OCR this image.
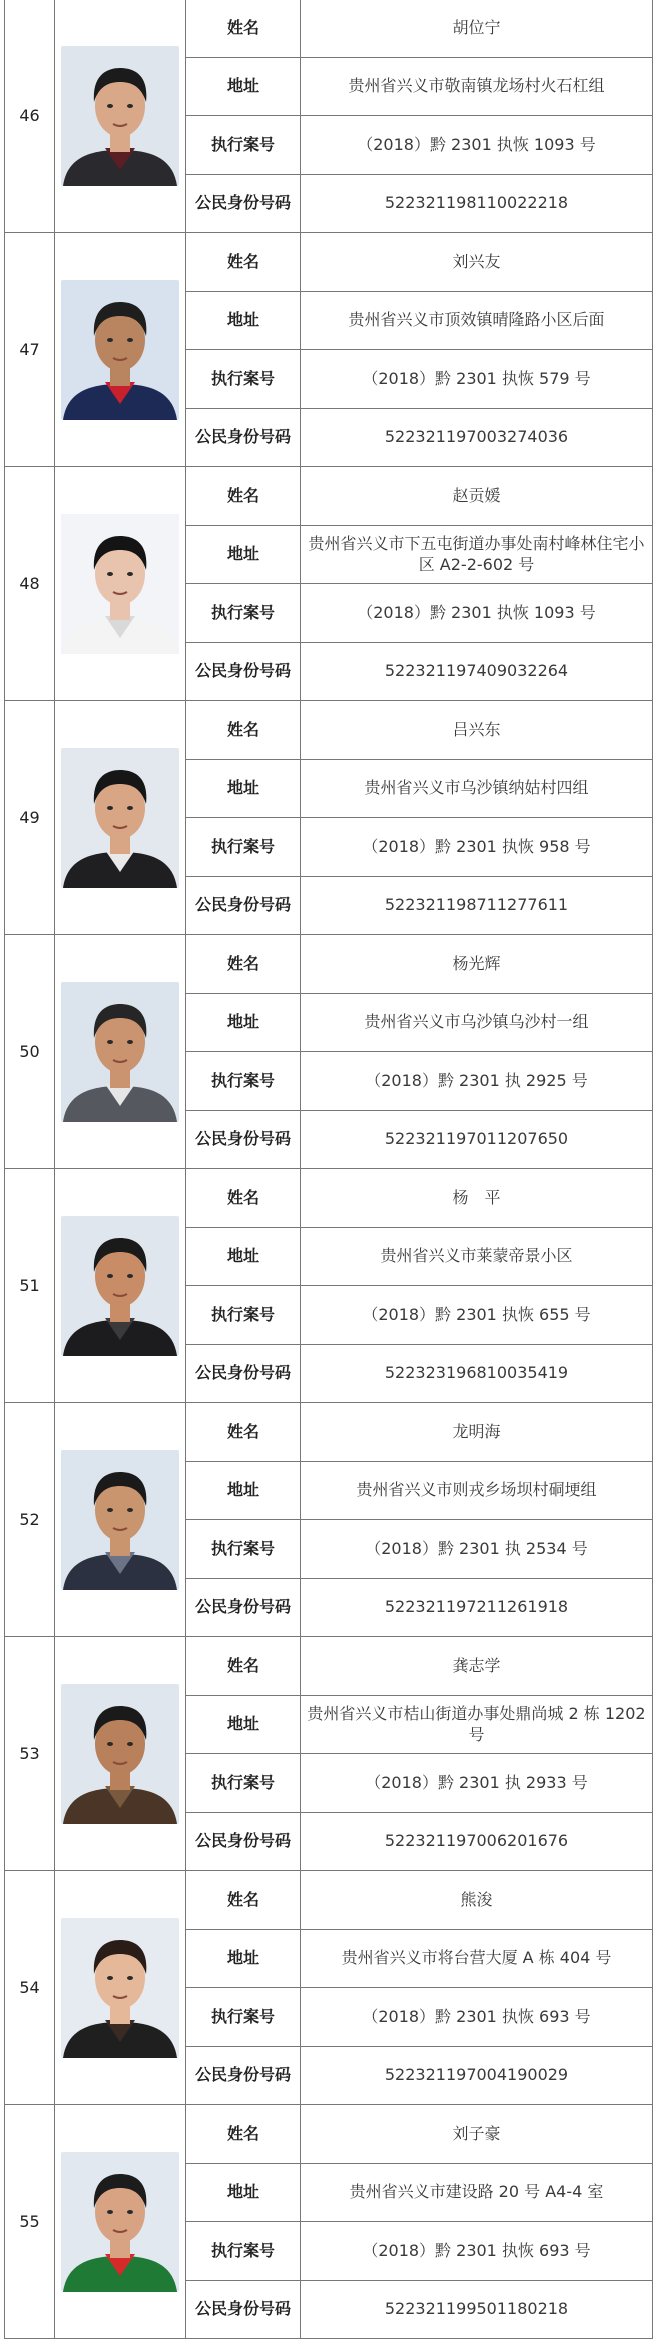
46		姓名	胡位宁
		地址	贵州省兴义市敬南镇龙场村火石杠组
		执行案号	（2018）黔 2301 执恢 1093 号
		公民身份号码	522321198110022218
47		姓名	刘兴友
		地址	贵州省兴义市顶效镇晴隆路小区后面
		执行案号	（2018）黔 2301 执恢 579 号
		公民身份号码	522321197003274036
48		姓名	赵贡媛
		地址	贵州省兴义市下五屯街道办事处南村峰林住宅小区 A2-2-602 号
		执行案号	（2018）黔 2301 执恢 1093 号
		公民身份号码	522321197409032264
49		姓名	吕兴东
		地址	贵州省兴义市乌沙镇纳姑村四组
		执行案号	（2018）黔 2301 执恢 958 号
		公民身份号码	522321198711277611
50		姓名	杨光辉
		地址	贵州省兴义市乌沙镇乌沙村一组
		执行案号	（2018）黔 2301 执 2925 号
		公民身份号码	522321197011207650
51		姓名	杨　平
		地址	贵州省兴义市莱蒙帝景小区
		执行案号	（2018）黔 2301 执恢 655 号
		公民身份号码	522323196810035419
52		姓名	龙明海
		地址	贵州省兴义市则戎乡场坝村硐埂组
		执行案号	（2018）黔 2301 执 2534 号
		公民身份号码	522321197211261918
53		姓名	龚志学
		地址	贵州省兴义市桔山街道办事处鼎尚城 2 栋 1202 号
		执行案号	（2018）黔 2301 执 2933 号
		公民身份号码	522321197006201676
54		姓名	熊浚
		地址	贵州省兴义市将台营大厦 A 栋 404 号
		执行案号	（2018）黔 2301 执恢 693 号
		公民身份号码	522321197004190029
55		姓名	刘子豪
		地址	贵州省兴义市建设路 20 号 A4-4 室
		执行案号	（2018）黔 2301 执恢 693 号
		公民身份号码	522321199501180218
